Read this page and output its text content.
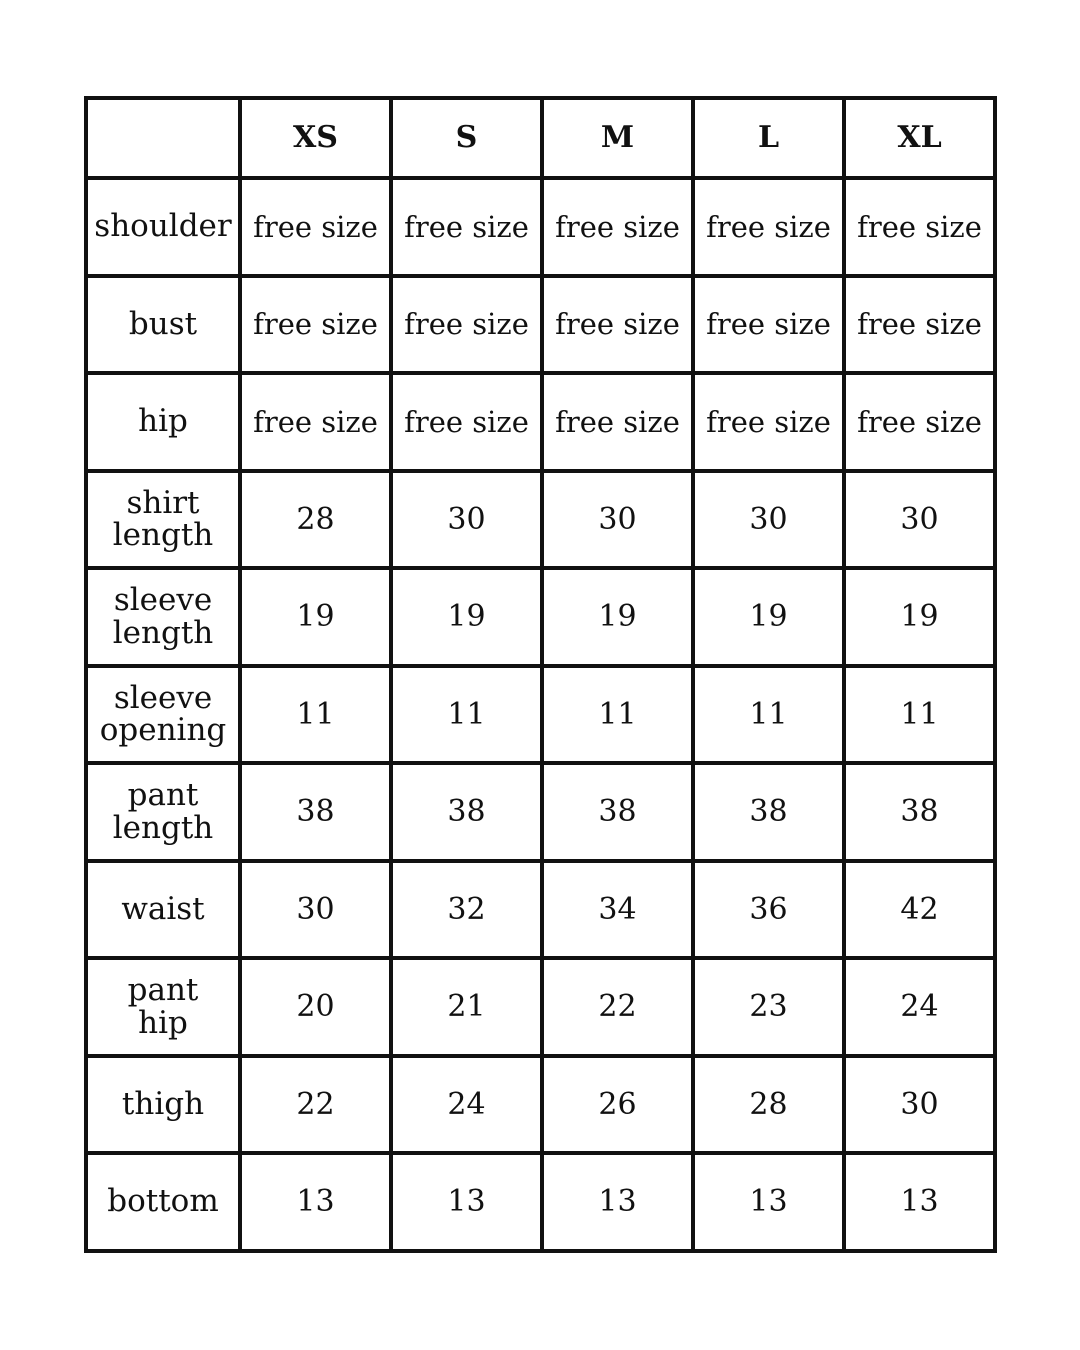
	XS	S	M	L	XL
shoulder	free size	free size	free size	free size	free size
bust	free size	free size	free size	free size	free size
hip	free size	free size	free size	free size	free size
shirt
length	28	30	30	30	30
sleeve
length	19	19	19	19	19
sleeve
opening	11	11	11	11	11
pant
length	38	38	38	38	38
waist	30	32	34	36	42
pant
hip	20	21	22	23	24
thigh	22	24	26	28	30
bottom	13	13	13	13	13
